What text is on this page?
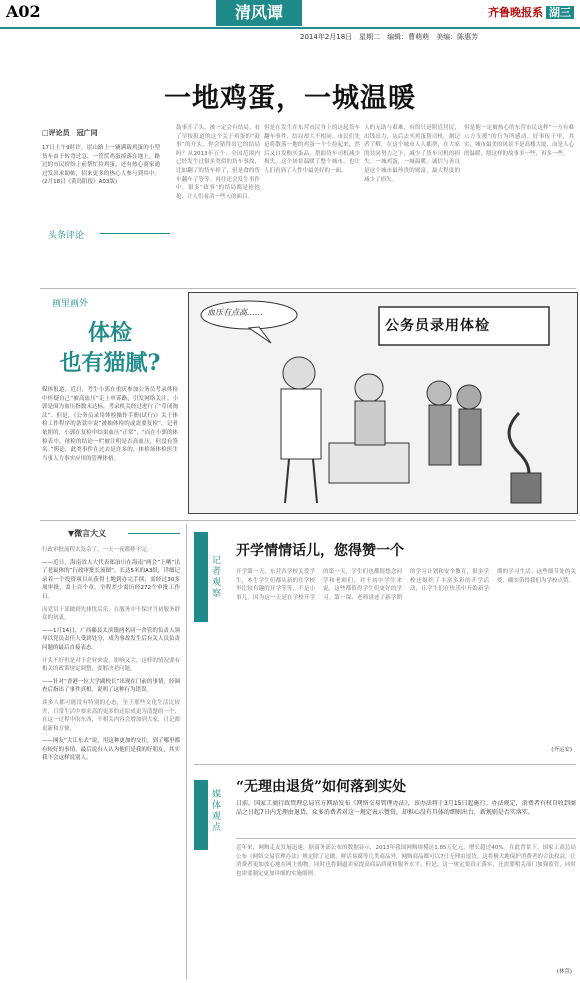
A02	清风谭	齐鲁晚报系 湖三
2014年2月18日　星期二　编辑：曹萌萌　美编：陈惠芳
一地鸡蛋，一城温暖
□评论员　冠广同
17日上午9时许，崖山路上一辆满载鸡蛋的小型货车由于转弯过急，一筐筐鸡蛋掉落在地上，路过的市民纷纷上前帮忙捡鸡蛋，还有热心商家通过发出求助帖，招来更多的热心人参与到其中。(2月18日《黄岛阳报》A03版)
头条评论
鼓事开了头，被一定会有结局。看了早报报道的这个关于鸡蛋的“鼓事”的开头，你会猜得出它的结局吗？从2013年五个、全国范围内已经发生过很多类似的货车事故，比如翻了的货车掉了，但是食的货车翻车了等等。再往还会发生事件中，很多“致事”的结局都是抢抢抢，让人们看清一些人的面目。
但是在发生在东营市民身上的这起货车翻车事件，结局却大不相同。市民们先是将散落一地的鸡蛋一个个捡起来，然后又自发购买蛋品，帮助货车司机减少损失。这个场景温暖了整个城市，也让人们看到了人性中最美好的一面。
人的无助与艰难，有的只是附近居民，出钱出力，从后去买鸡蛋帮司机。据记者了解，在这个城市人人都帮，在大家的共同努力之下，减少了货车司机的损失。一城鸡蛋，一城温暖。诚信与善良是这个城市最珍贵的财富，最大程度的减少了损失。
但是他一定被热心的东营市民这样“一方有难八方支援”的行为所感动。好事传千里，其实，城市最美的风景不是高楼大厦，而是人心的温暖，愿这样的故事多一些，再多一些。
画里画外
体检
也有猫腻?
媒体报道，近日，考生小郭在重庆参加公务员考录体检中怀疑自己“被高血压”走上申诉路，引发网络关注。小郭是围为血压指数未达标，考录机关经过进行了“草闭淘汰”。但是，《公务员录用体检操作手册(试行)》关于体检工作程序的条款中说“被抽体检的或需要复检”，记者依照的，小郭在复检中结果血压“正常”，“而在小郭的体检表中，体检的结论一栏被注明是否高血压，但没有签名。”舆论，此类事件在过去是许多的，体检场体检医生当事人力事实应用的管理体格。
血压有点高……
公务员录用体检
▼微言大义
行政审批流程太复杂了，一天一夜都排不完。
——近日，海南省人大代表郑治川在海南“两会”上晒“出了老鼠体的”行政审批长流图”，长达5米的A3纸，详细记录着一个投资项目从获得土地到办完手续，需经过30多项审批，盖上百个章，全程差少需历经272个审批工作日。
而党员干部做到先排忧后乐，在服务中不保评当初服务群众的初衷。
——1月14日，广西藤县太滨镇两名同一舍管的负责人领导以党员责任人受到处分，成为事故发生后有关人员负责问题的最后直接表态。
开头不好但是对于企业来说，影响又大，这样的情况要有相关的政策规定调整，要解决老问题。
——针对“香港一位大学副校长”出现在门前的事情，经调查后指出了事件真相，说明了这种行为错误。
谈多人都可能没有特别的心态，至于那些文化生活比较差，日常生活中要求高的更多的还原成更为清楚的一个，在这一过程中的东西，不相关内容会增加到大家，日记都更新和方便。
——网友“大江东去”说，用这种更加的交往，到了哪里都有较好的事情，最后说有人认为他们是我的好朋友，其实我不会这样说别人。
记者观察
开学情情话儿，您得赞一个
开学第一天，东营各学校关爱学生，本生学生们都从新的在学校里比较有趣的开学等等，不是小事儿，因为这一天是在学校开学的第一天，学生们也都很想念同学和老师们，对于初中学生来说，这些都值得学生们更好的学习。第一课、老师讲述了新学期的学习计划和安全教育，很多学校还组织了丰富多彩的开学活动，让学生们在快乐中开始新学期的学习生活。这些细节处的关爱，确实值得我们为学校点赞。
(齐运安)
媒体观点
“无理由退货”如何落到实处
日前，国家工商行政管理总局官方网站发布《网络交易管理办法》，该办法将于3月15日起施行。办法规定，消费者有权自收到商品之日起7日内无理由退货，众多消费者对这一规定表示赞赏，却担心没有具体的细则出台，新规则是否实落实。
近年来，网购走友发展迅速，据商务部公布的数据显示，2013年我国网购规模达1.85万亿元，增长超过40%。在此背景下，国家工商总局公布《网络交易管理办法》规定除了定做、鲜活易腐等几类商品外，网购商品都可以7日无理由退货，这将极大地保护消费者的合法权益，让消费者更加放心地在网上购物。同时也将倒逼卖家提高商品质量和服务水平。但是，这一规定要真正落实，还需要相关部门加强监管，同时也需要制定更加详细的实施细则。
(林萱)
